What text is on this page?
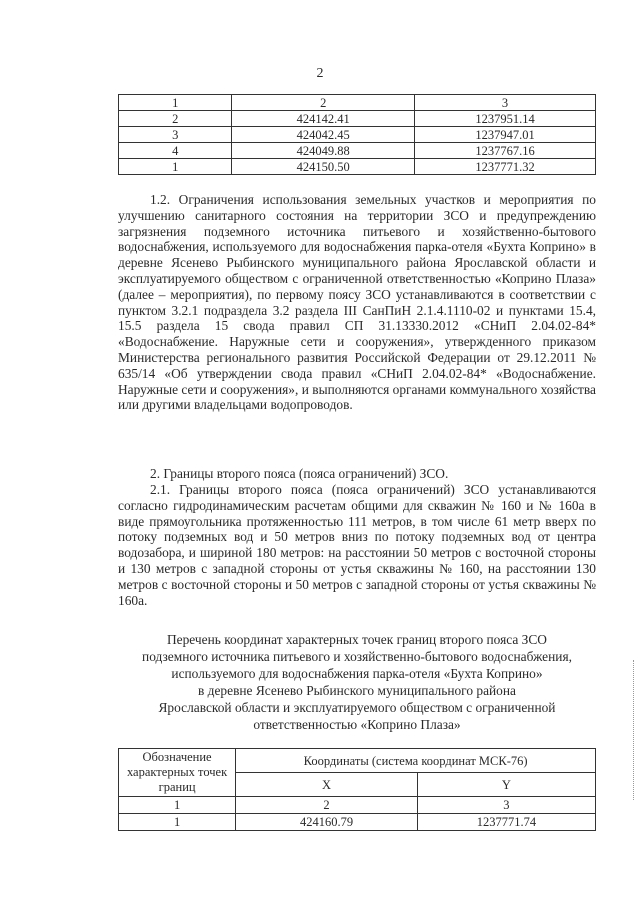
2
1	2	3
2	424142.41	1237951.14
3	424042.45	1237947.01
4	424049.88	1237767.16
1	424150.50	1237771.32

1.2. Ограничения использования земельных участков и мероприятия по улучшению санитарного состояния на территории ЗСО и предупреждению загрязнения подземного источника питьевого и хозяйственно-бытового водоснабжения, используемого для водоснабжения парка-отеля «Бухта Коприно» в деревне Ясенево Рыбинского муниципального района Ярославской области и эксплуатируемого обществом с ограниченной ответственностью «Коприно Плаза» (далее – мероприятия), по первому поясу ЗСО устанавливаются в соответствии с пунктом 3.2.1 подраздела 3.2 раздела III СанПиН 2.1.4.1110-02 и пунктами 15.4, 15.5 раздела 15 свода правил СП 31.13330.2012 «СНиП 2.04.02-84* «Водоснабжение. Наружные сети и сооружения», утвержденного приказом Министерства регионального развития Российской Федерации от 29.12.2011 № 635/14 «Об утверждении свода правил «СНиП 2.04.02-84* «Водоснабжение. Наружные сети и сооружения», и выполняются органами коммунального хозяйства или другими владельцами водопроводов.

2. Границы второго пояса (пояса ограничений) ЗСО.

2.1. Границы второго пояса (пояса ограничений) ЗСО устанавливаются согласно гидродинамическим расчетам общими для скважин № 160 и № 160а в виде прямоугольника протяженностью 111 метров, в том числе 61 метр вверх по потоку подземных вод и 50 метров вниз по потоку подземных вод от центра водозабора, и шириной 180 метров: на расстоянии 50 метров с восточной стороны и 130 метров с западной стороны от устья скважины № 160, на расстоянии 130 метров с восточной стороны и 50 метров с западной стороны от устья скважины № 160а.

Перечень координат характерных точек границ второго пояса ЗСО
подземного источника питьевого и хозяйственно-бытового водоснабжения,
используемого для водоснабжения парка-отеля «Бухта Коприно»
в деревне Ясенево Рыбинского муниципального района
Ярославской области и эксплуатируемого обществом с ограниченной
ответственностью «Коприно Плаза»
Обозначение характерных точек границ	Координаты (система координат МСК-76)	
	X	Y
1	2	3
1	424160.79	1237771.74
